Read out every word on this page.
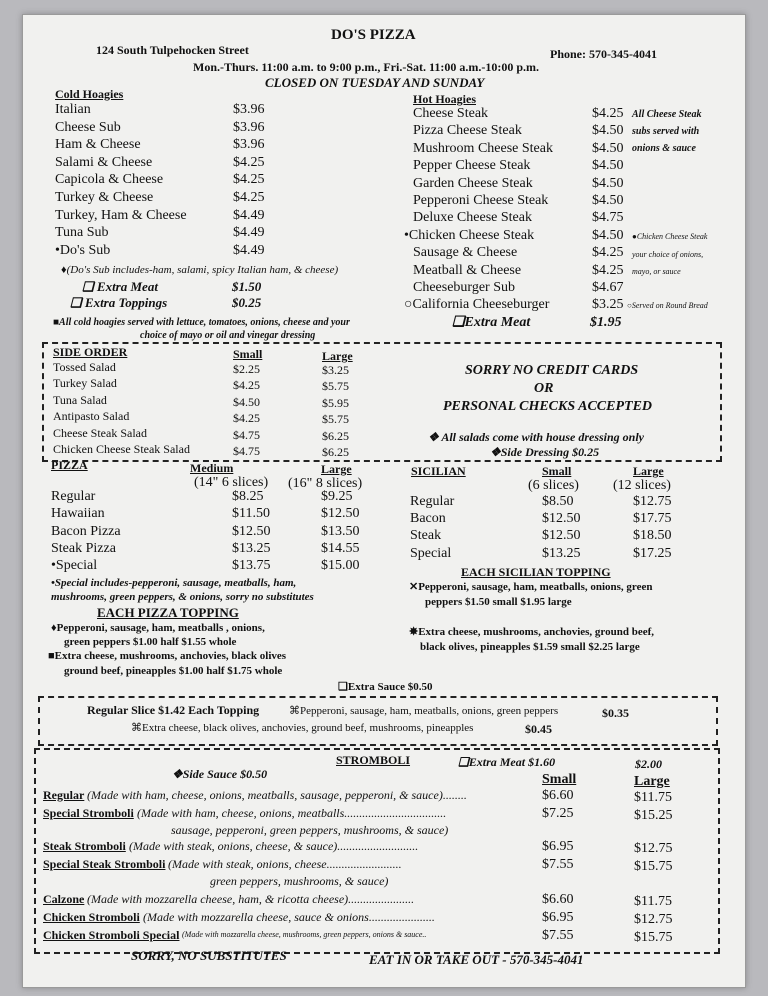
DO'S PIZZA
124 South Tulpehocken Street	Phone: 570-345-4041
Mon.-Thurs. 11:00 a.m. to 9:00 p.m., Fri.-Sat. 11:00 a.m.-10:00 p.m.
CLOSED ON TUESDAY AND SUNDAY
Cold Hoagies
Italian	$3.96
Cheese Sub	$3.96
Ham & Cheese	$3.96
Salami & Cheese	$4.25
Capicola & Cheese	$4.25
Turkey & Cheese	$4.25
Turkey, Ham & Cheese	$4.49
Tuna Sub	$4.49
•Do's Sub	$4.49
♦(Do's Sub includes-ham, salami, spicy Italian ham, & cheese)
❑ Extra Meat	$1.50
❑ Extra Toppings	$0.25
■All cold hoagies served with lettuce, tomatoes, onions, cheese and your
choice of mayo or oil and vinegar dressing
Hot Hoagies
Cheese Steak	$4.25
Pizza Cheese Steak	$4.50
Mushroom Cheese Steak	$4.50
Pepper Cheese Steak	$4.50
Garden Cheese Steak	$4.50
Pepperoni Cheese Steak	$4.50
Deluxe Cheese Steak	$4.75
•Chicken Cheese Steak	$4.50
Sausage & Cheese	$4.25
Meatball & Cheese	$4.25
Cheeseburger Sub	$4.67
○California Cheeseburger	$3.25
All Cheese Steak
subs served with
onions & sauce
●Chicken Cheese Steak
your choice of onions,
mayo, or sauce
○Served on Round Bread
❑Extra Meat	$1.95
SIDE ORDER	Small	Large
Tossed Salad	$2.25	$3.25
Turkey Salad	$4.25	$5.75
Tuna Salad	$4.50	$5.95
Antipasto Salad	$4.25	$5.75
Cheese Steak Salad	$4.75	$6.25
Chicken Cheese Steak Salad	$4.75	$6.25
SORRY NO CREDIT CARDS
OR
PERSONAL CHECKS ACCEPTED
❖ All salads come with house dressing only
❖Side Dressing $0.25
PIZZA	Medium	Large
(14" 6 slices) (16" 8 slices)
Regular	$8.25	$9.25
Hawaiian	$11.50	$12.50
Bacon Pizza	$12.50	$13.50
Steak Pizza	$13.25	$14.55
•Special	$13.75	$15.00
•Special includes-pepperoni, sausage, meatballs, ham,
mushrooms, green peppers, & onions, sorry no substitutes
EACH PIZZA TOPPING
♦Pepperoni, sausage, ham, meatballs , onions,
green peppers $1.00 half $1.55 whole
■Extra cheese, mushrooms, anchovies, black olives
ground beef, pineapples $1.00 half $1.75 whole
❑Extra Sauce $0.50
SICILIAN	Small	Large
(6 slices) (12 slices)
Regular	$8.50	$12.75
Bacon	$12.50	$17.75
Steak	$12.50	$18.50
Special	$13.25	$17.25
EACH SICILIAN TOPPING
✕Pepperoni, sausage, ham, meatballs, onions, green
peppers $1.50 small $1.95 large
✸Extra cheese, mushrooms, anchovies, ground beef,
black olives, pineapples $1.59 small $2.25 large
Regular Slice $1.42 Each Topping	⌘Pepperoni, sausage, ham, meatballs, onions, green peppers	$0.35
⌘Extra cheese, black olives, anchovies, ground beef, mushrooms, pineapples	$0.45
STROMBOLI	❑Extra Meat $1.60	$2.00
❖Side Sauce $0.50	Small	Large
Regular (Made with ham, cheese, onions, meatballs, sausage, pepperoni, & sauce)........	$6.60	$11.75
Special Stromboli (Made with ham, cheese, onions, meatballs..................................	$7.25	$15.25
sausage, pepperoni, green peppers, mushrooms, & sauce)
Steak Stromboli (Made with steak, onions, cheese, & sauce)...........................	$6.95	$12.75
Special Steak Stromboli (Made with steak, onions, cheese.........................	$7.55	$15.75
green peppers, mushrooms, & sauce)
Calzone (Made with mozzarella cheese, ham, & ricotta cheese)......................	$6.60	$11.75
Chicken Stromboli (Made with mozzarella cheese, sauce & onions......................	$6.95	$12.75
Chicken Stromboli Special (Made with mozzarella cheese, mushrooms, green peppers, onions & sauce..	$7.55	$15.75
SORRY, NO SUBSTITUTES	EAT IN OR TAKE OUT - 570-345-4041
